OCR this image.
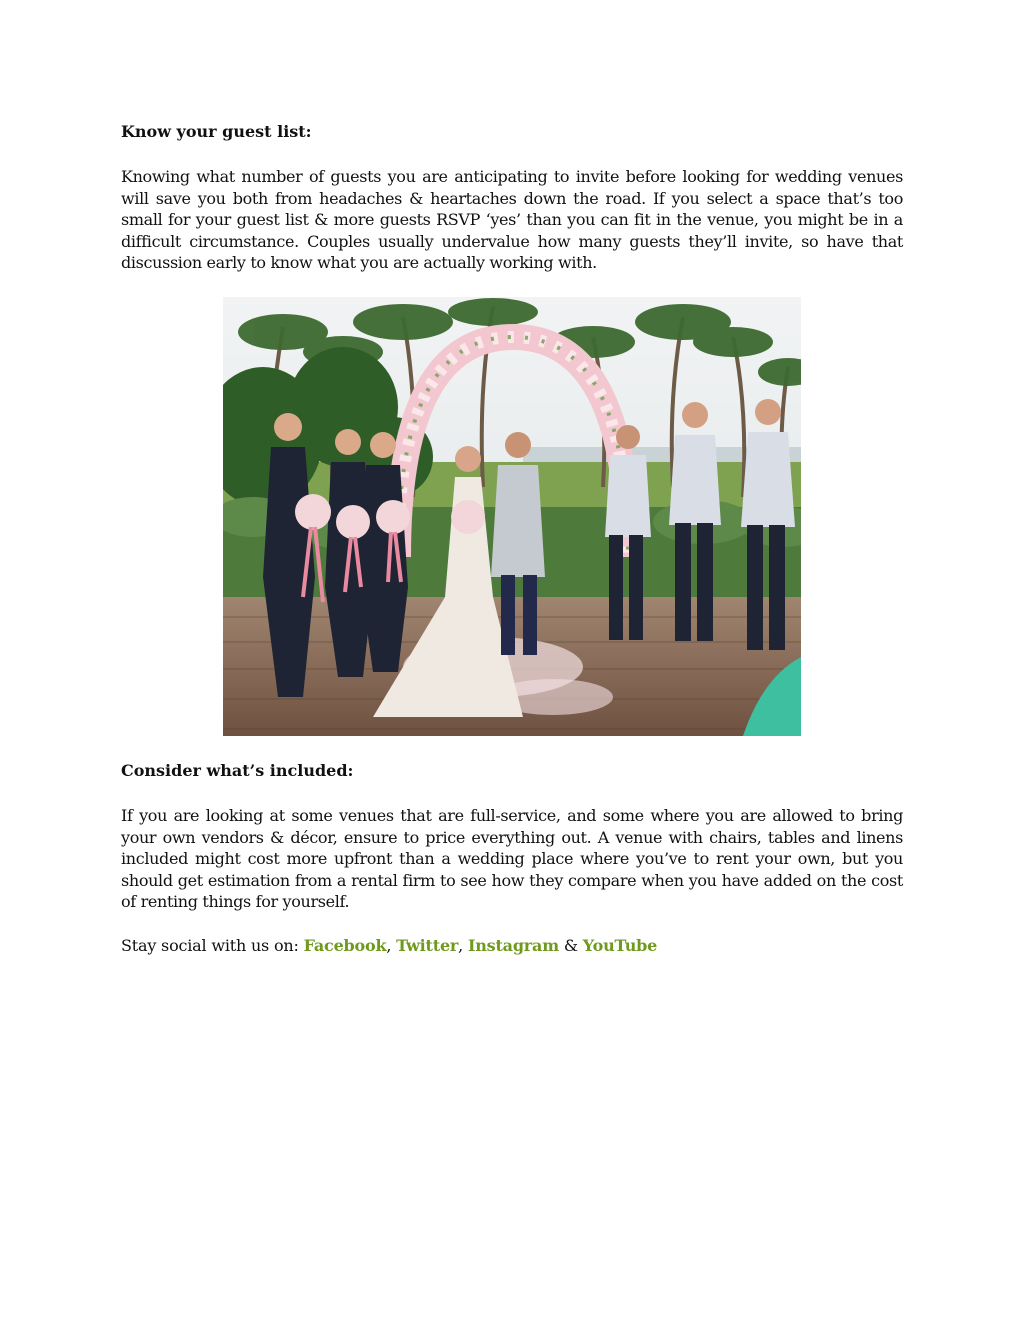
Know your guest list:
Knowing what number of guests you are anticipating to invite before looking for wedding venues
will save you both from headaches & heartaches down the road. If you select a space that’s too
small for your guest list & more guests RSVP ‘yes’ than you can fit in the venue, you might be in a
difficult circumstance. Couples usually undervalue how many guests they’ll invite, so have that
discussion early to know what you are actually working with.
Consider what’s included:
If you are looking at some venues that are full-service, and some where you are allowed to bring
your own vendors & décor, ensure to price everything out. A venue with chairs, tables and linens
included might cost more upfront than a wedding place where you’ve to rent your own, but you
should get estimation from a rental firm to see how they compare when you have added on the cost
of renting things for yourself.
Stay social with us on: Facebook, Twitter, Instagram & YouTube
